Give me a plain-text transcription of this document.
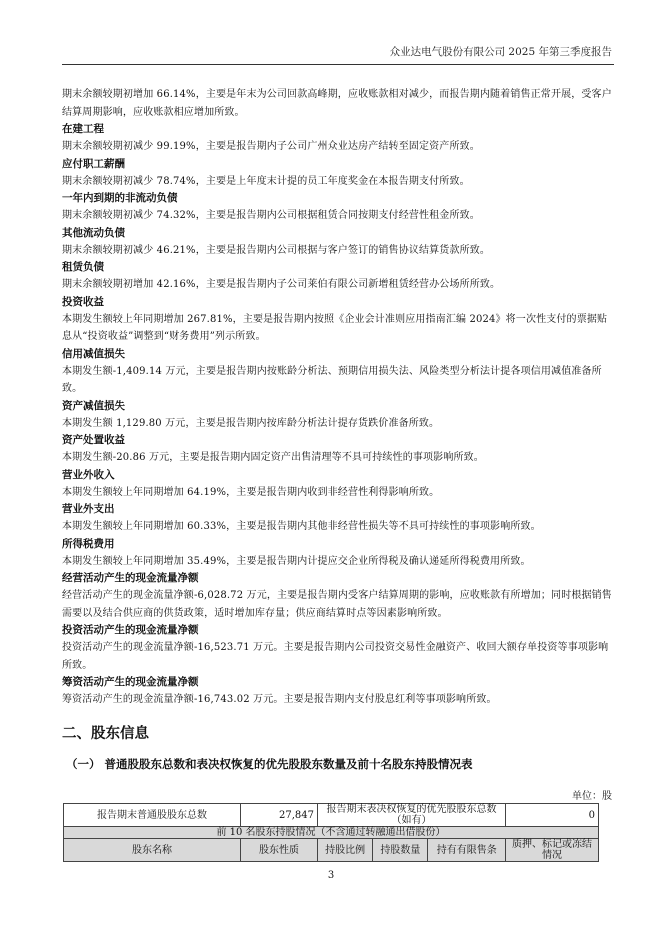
众业达电气股份有限公司 2025 年第三季度报告

期末余额较期初增加 66.14%，主要是年末为公司回款高峰期，应收账款相对减少，而报告期内随着销售正常开展，受客户结算周期影响，应收账款相应增加所致。

在建工程

期末余额较期初减少 99.19%，主要是报告期内子公司广州众业达房产结转至固定资产所致。

应付职工薪酬

期末余额较期初减少 78.74%，主要是上年度末计提的员工年度奖金在本报告期支付所致。

一年内到期的非流动负债

期末余额较期初减少 74.32%，主要是报告期内公司根据租赁合同按期支付经营性租金所致。

其他流动负债

期末余额较期初减少 46.21%，主要是报告期内公司根据与客户签订的销售协议结算货款所致。

租赁负债

期末余额较期初增加 42.16%，主要是报告期内子公司莱伯有限公司新增租赁经营办公场所所致。

投资收益

本期发生额较上年同期增加 267.81%，主要是报告期内按照《企业会计准则应用指南汇编 2024》将一次性支付的票据贴息从“投资收益”调整到“财务费用”列示所致。

信用减值损失

本期发生额-1,409.14 万元，主要是报告期内按账龄分析法、预期信用损失法、风险类型分析法计提各项信用减值准备所致。

资产减值损失

本期发生额 1,129.80 万元，主要是报告期内按库龄分析法计提存货跌价准备所致。

资产处置收益

本期发生额-20.86 万元，主要是报告期内固定资产出售清理等不具可持续性的事项影响所致。

营业外收入

本期发生额较上年同期增加 64.19%，主要是报告期内收到非经营性利得影响所致。

营业外支出

本期发生额较上年同期增加 60.33%，主要是报告期内其他非经营性损失等不具可持续性的事项影响所致。

所得税费用

本期发生额较上年同期增加 35.49%，主要是报告期内计提应交企业所得税及确认递延所得税费用所致。

经营活动产生的现金流量净额

经营活动产生的现金流量净额-6,028.72 万元，主要是报告期内受客户结算周期的影响，应收账款有所增加；同时根据销售需要以及结合供应商的供货政策，适时增加库存量；供应商结算时点等因素影响所致。

投资活动产生的现金流量净额

投资活动产生的现金流量净额-16,523.71 万元。主要是报告期内公司投资交易性金融资产、收回大额存单投资等事项影响所致。

筹资活动产生的现金流量净额

筹资活动产生的现金流量净额-16,743.02 万元。主要是报告期内支付股息红利等事项影响所致。

二、股东信息
（一） 普通股股东总数和表决权恢复的优先股股东数量及前十名股东持股情况表
单位：股
报告期末普通股股东总数	27,847	报告期末表决权恢复的优先股股东总数（如有）			0
前 10 名股东持股情况（不含通过转融通出借股份）					
股东名称	股东性质	持股比例	持股数量	持有有限售条	质押、标记或冻结情况
3
